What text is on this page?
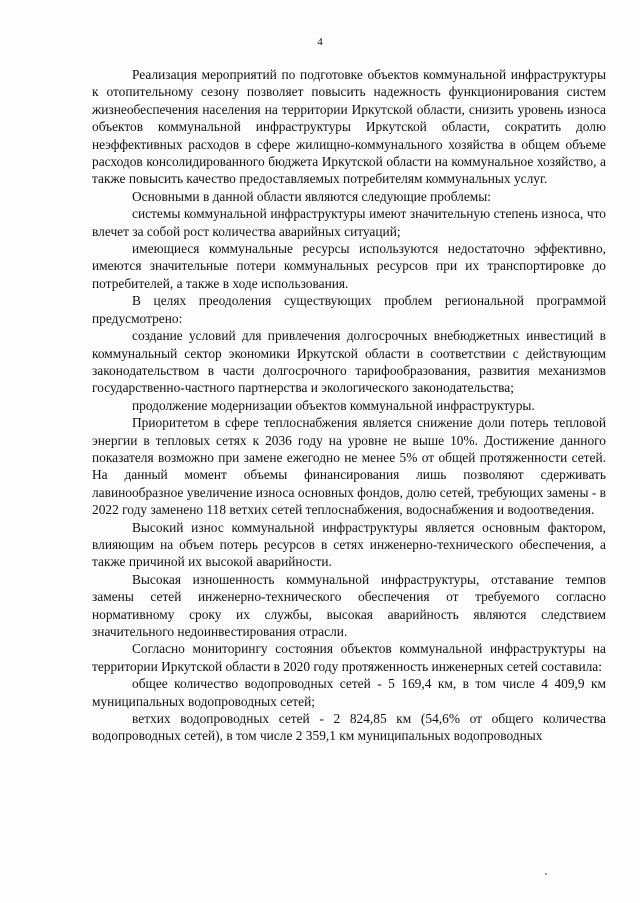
4

Реализация мероприятий по подготовке объектов коммунальной инфраструктуры к отопительному сезону позволяет повысить надежность функционирования систем жизнеобеспечения населения на территории Иркутской области, снизить уровень износа объектов коммунальной инфраструктуры Иркутской области, сократить долю неэффективных расходов в сфере жилищно-коммунального хозяйства в общем объеме расходов консолидированного бюджета Иркутской области на коммунальное хозяйство, а также повысить качество предоставляемых потребителям коммунальных услуг.

Основными в данной области являются следующие проблемы:

системы коммунальной инфраструктуры имеют значительную степень износа, что влечет за собой рост количества аварийных ситуаций;

имеющиеся коммунальные ресурсы используются недостаточно эффективно, имеются значительные потери коммунальных ресурсов при их транспортировке до потребителей, а также в ходе использования.

В целях преодоления существующих проблем региональной программой предусмотрено:

создание условий для привлечения долгосрочных внебюджетных инвестиций в коммунальный сектор экономики Иркутской области в соответствии с действующим законодательством в части долгосрочного тарифообразования, развития механизмов государственно-частного партнерства и экологического законодательства;

продолжение модернизации объектов коммунальной инфраструктуры.

Приоритетом в сфере теплоснабжения является снижение доли потерь тепловой энергии в тепловых сетях к 2036 году на уровне не выше 10%. Достижение данного показателя возможно при замене ежегодно не менее 5% от общей протяженности сетей. На данный момент объемы финансирования лишь позволяют сдерживать лавинообразное увеличение износа основных фондов, долю сетей, требующих замены - в 2022 году заменено 118 ветхих сетей теплоснабжения, водоснабжения и водоотведения.

Высокий износ коммунальной инфраструктуры является основным фактором, влияющим на объем потерь ресурсов в сетях инженерно-технического обеспечения, а также причиной их высокой аварийности.

Высокая изношенность коммунальной инфраструктуры, отставание темпов замены сетей инженерно-технического обеспечения от требуемого согласно нормативному сроку их службы, высокая аварийность являются следствием значительного недоинвестирования отрасли.

Согласно мониторингу состояния объектов коммунальной инфраструктуры на территории Иркутской области в 2020 году протяженность инженерных сетей составила:

общее количество водопроводных сетей - 5 169,4 км, в том числе 4 409,9 км муниципальных водопроводных сетей;

ветхих водопроводных сетей - 2 824,85 км (54,6% от общего количества водопроводных сетей), в том числе 2 359,1 км муниципальных водопроводных
